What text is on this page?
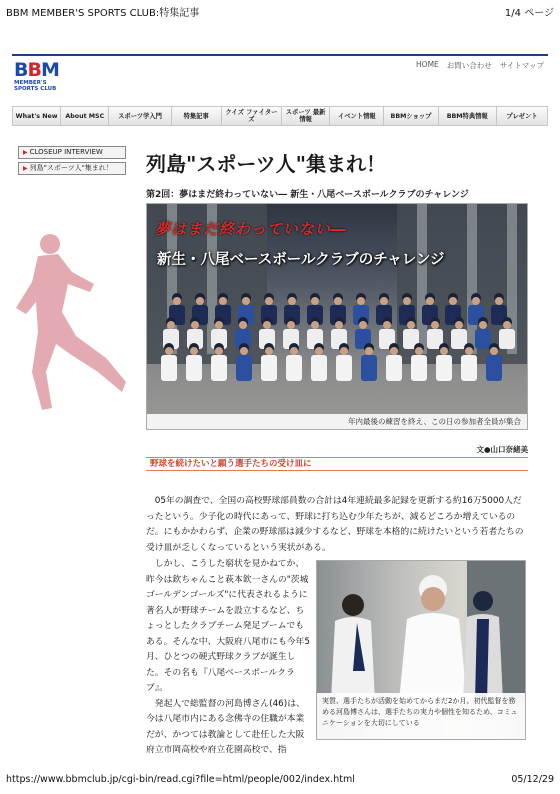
BBM MEMBER'S SPORTS CLUB:特集記事	1/4 ページ
BBM
MEMBER'S
SPORTS CLUB
HOME お問い合わせ サイトマップ
What's New	About MSC	スポーツ学入門	特集記事	クイズ ファイターズ
スポーツ 最新情報	イベント情報	BBMショップ	BBM特典情報	プレゼント
▶ CLOSEUP INTERVIEW
▶ 列島"スポーツ人"集まれ！	列島"スポーツ人"集まれ！
第2回：夢はまだ終わっていない― 新生・八尾ベースボールクラブのチャレンジ
夢はまだ終わっていない―
新生・八尾ベースボールクラブのチャレンジ
年内最後の練習を終え、この日の参加者全員が集合
文●山口奈緒美
野球を続けたいと願う選手たちの受け皿に

05年の調査で、全国の高校野球部員数の合計は4年連続最多記録を更新する約16万5000人だったという。少子化の時代にあって、野球に打ち込む少年たちが、減るどころか増えているのだ。にもかかわらず、企業の野球部は減少するなど、野球を本格的に続けたいという若者たちの受け皿が乏しくなっているという実状がある。

しかし、こうした窮状を見かねてか、昨今は欽ちゃんこと萩本欽一さんの"茨城ゴールデンゴールズ"に代表されるように著名人が野球チームを設立するなど、ちょっとしたクラブチーム発足ブームでもある。そんな中、大阪府八尾市にも今年5月、ひとつの硬式野球クラブが誕生した。その名も『八尾ベースボールクラブ』。

発起人で総監督の河島博さん(46)は、今は八尾市内にある念佛寺の住職が本業だが、かつては教論として赴任した大阪府立市岡高校や府立花園高校で、指

実質、選手たちが活動を始めてからまだ2か月。初代監督を務める河島博さんは、選手たちの実力や個性を知るため、コミュニケーションを大切にしている
https://www.bbmclub.jp/cgi-bin/read.cgi?file=html/people/002/index.html	05/12/29
